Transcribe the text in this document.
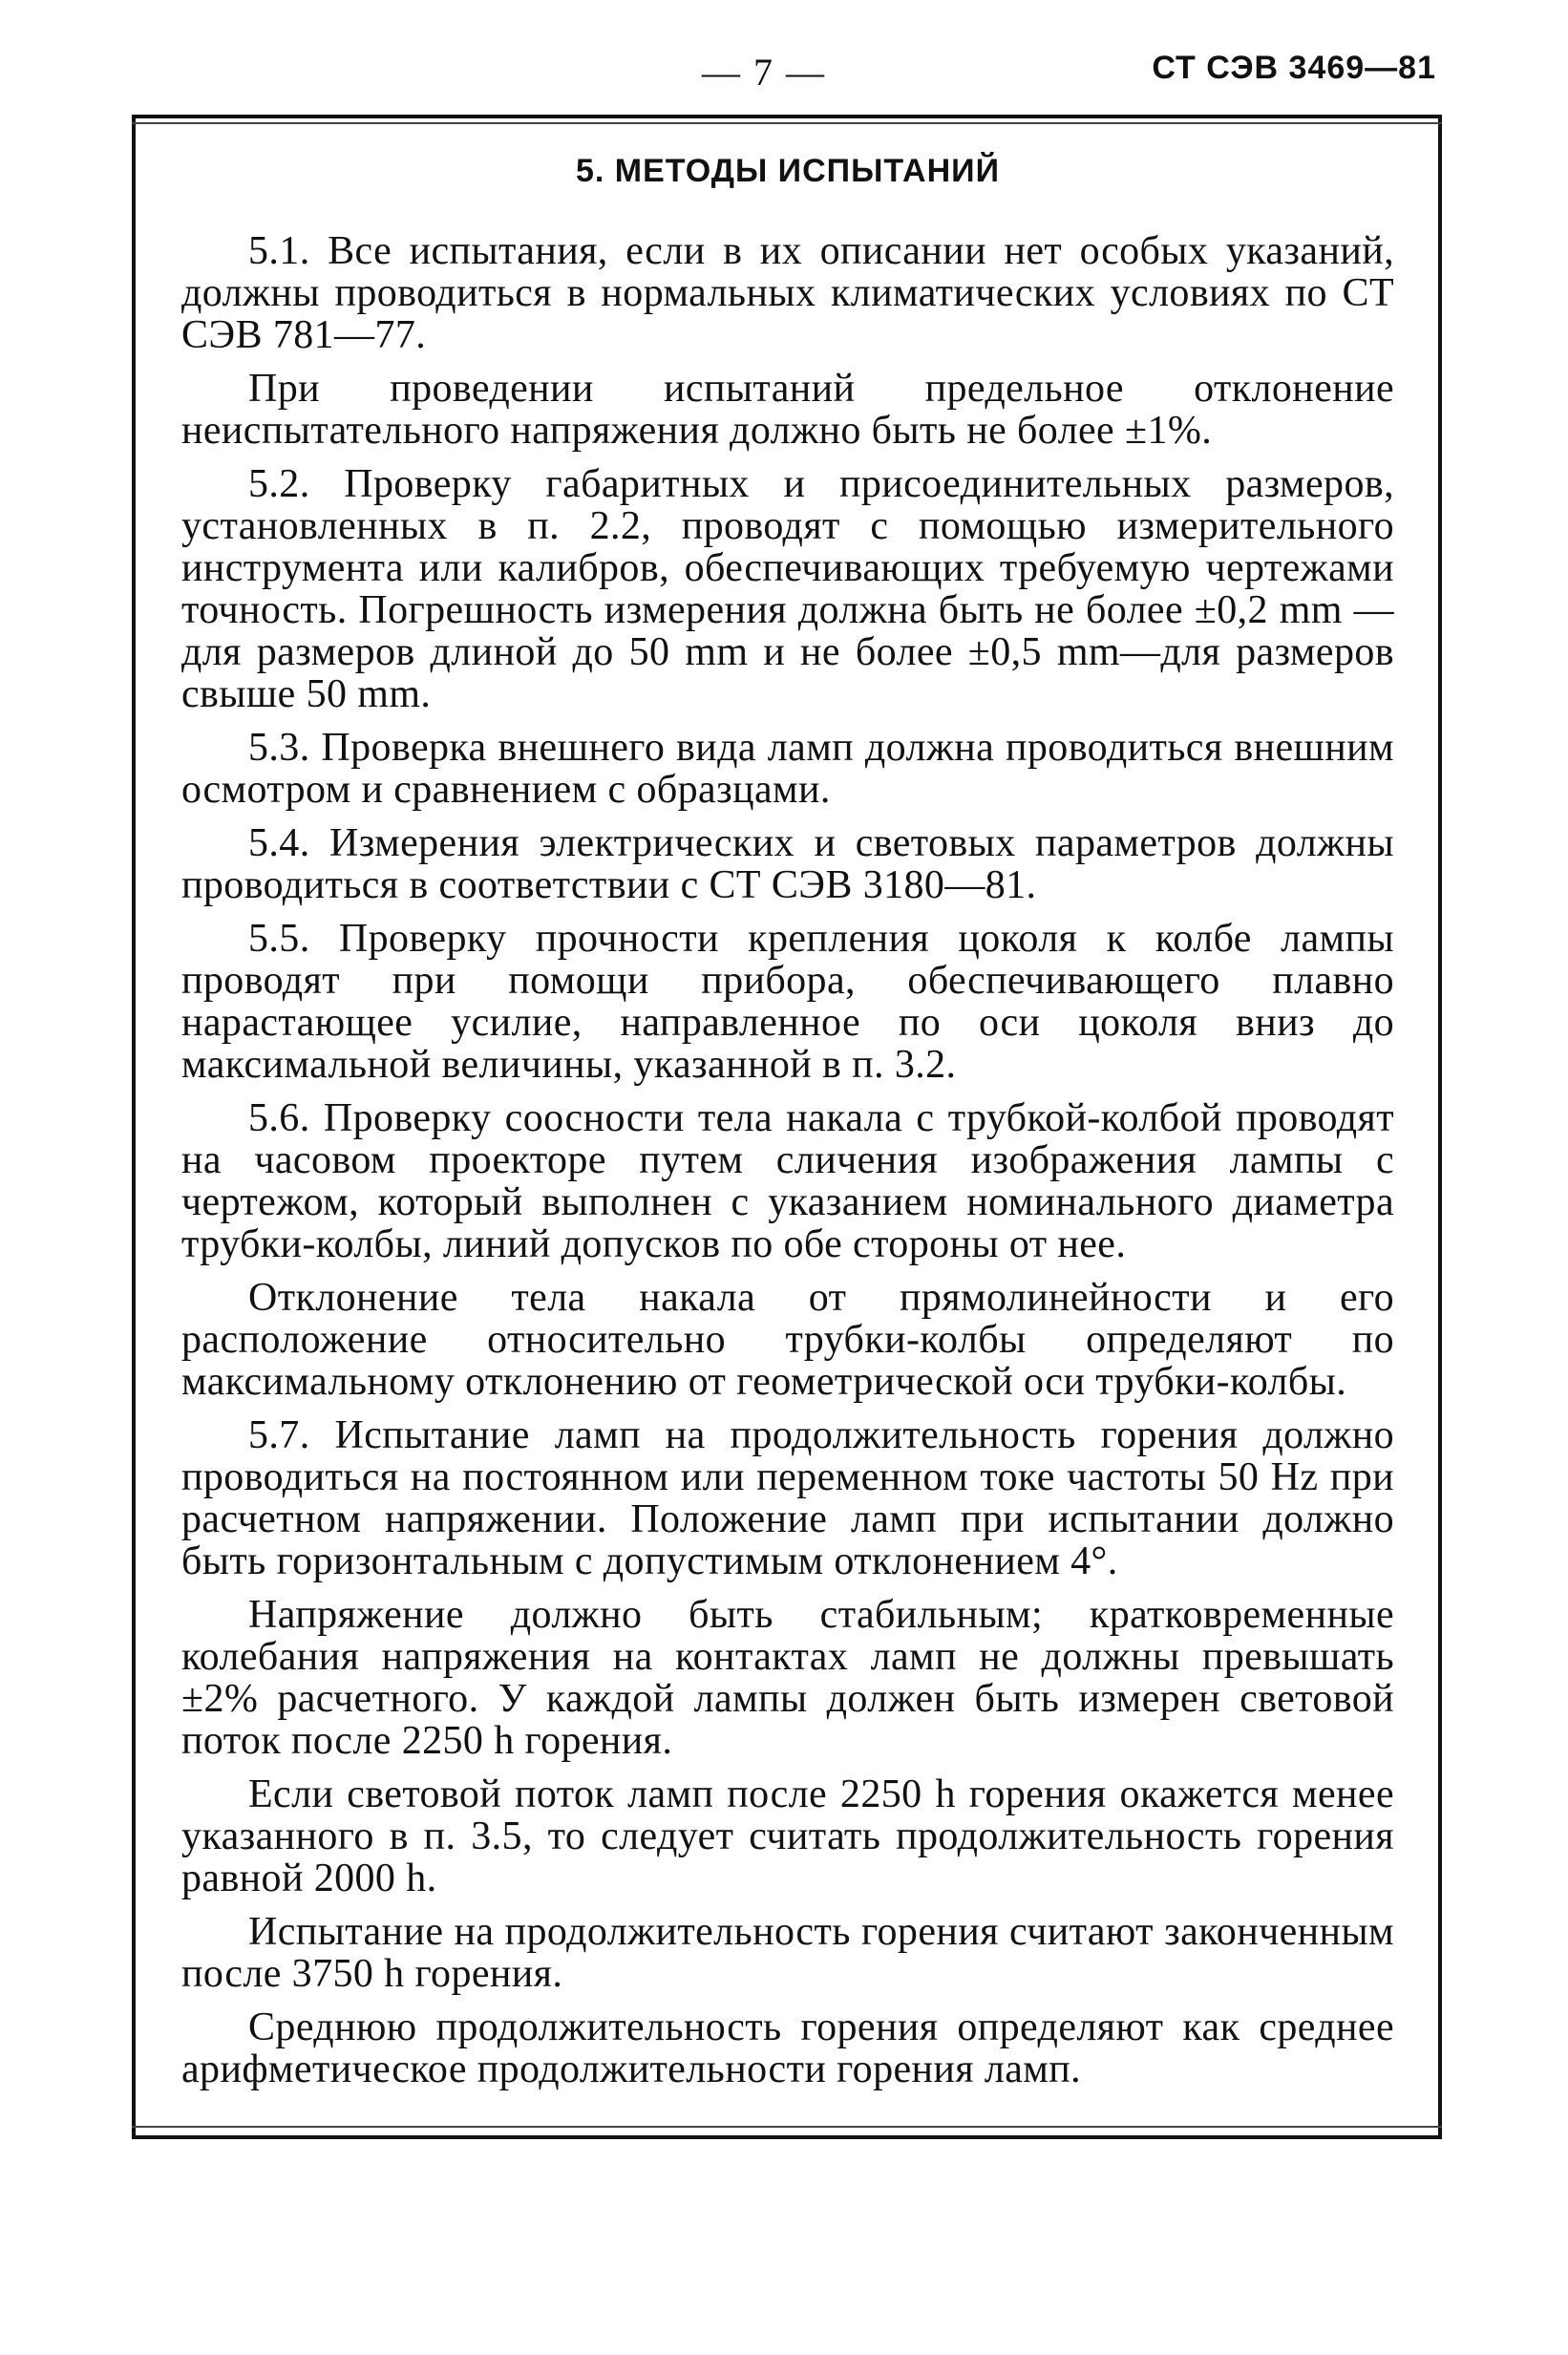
— 7 —	СТ СЭВ 3469—81
5. МЕТОДЫ ИСПЫТАНИЙ

5.1. Все испытания, если в их описании нет особых указаний, должны проводиться в нормальных климатических условиях по СТ СЭВ 781—77.

При проведении испытаний предельное отклонение неиспытательного напряжения должно быть не более ±1%.

5.2. Проверку габаритных и присоединительных размеров, установленных в п. 2.2, проводят с помощью измерительного инструмента или калибров, обеспечивающих требуемую чертежами точность. Погрешность измерения должна быть не более ±0,2 mm — для размеров длиной до 50 mm и не более ±0,5 mm—для размеров свыше 50 mm.

5.3. Проверка внешнего вида ламп должна проводиться внешним осмотром и сравнением с образцами.

5.4. Измерения электрических и световых параметров должны проводиться в соответствии с СТ СЭВ 3180—81.

5.5. Проверку прочности крепления цоколя к колбе лампы проводят при помощи прибора, обеспечивающего плавно нарастающее усилие, направленное по оси цоколя вниз до максимальной величины, указанной в п. 3.2.

5.6. Проверку соосности тела накала с трубкой-колбой проводят на часовом проекторе путем сличения изображения лампы с чертежом, который выполнен с указанием номинального диаметра трубки-колбы, линий допусков по обе стороны от нее.

Отклонение тела накала от прямолинейности и его расположение относительно трубки-колбы определяют по максимальному отклонению от геометрической оси трубки-колбы.

5.7. Испытание ламп на продолжительность горения должно проводиться на постоянном или переменном токе частоты 50 Hz при расчетном напряжении. Положение ламп при испытании должно быть горизонтальным с допустимым отклонением 4°.

Напряжение должно быть стабильным; кратковременные колебания напряжения на контактах ламп не должны превышать ±2% расчетного. У каждой лампы должен быть измерен световой поток после 2250 h горения.

Если световой поток ламп после 2250 h горения окажется менее указанного в п. 3.5, то следует считать продолжительность горения равной 2000 h.

Испытание на продолжительность горения считают законченным после 3750 h горения.

Среднюю продолжительность горения определяют как среднее арифметическое продолжительности горения ламп.
